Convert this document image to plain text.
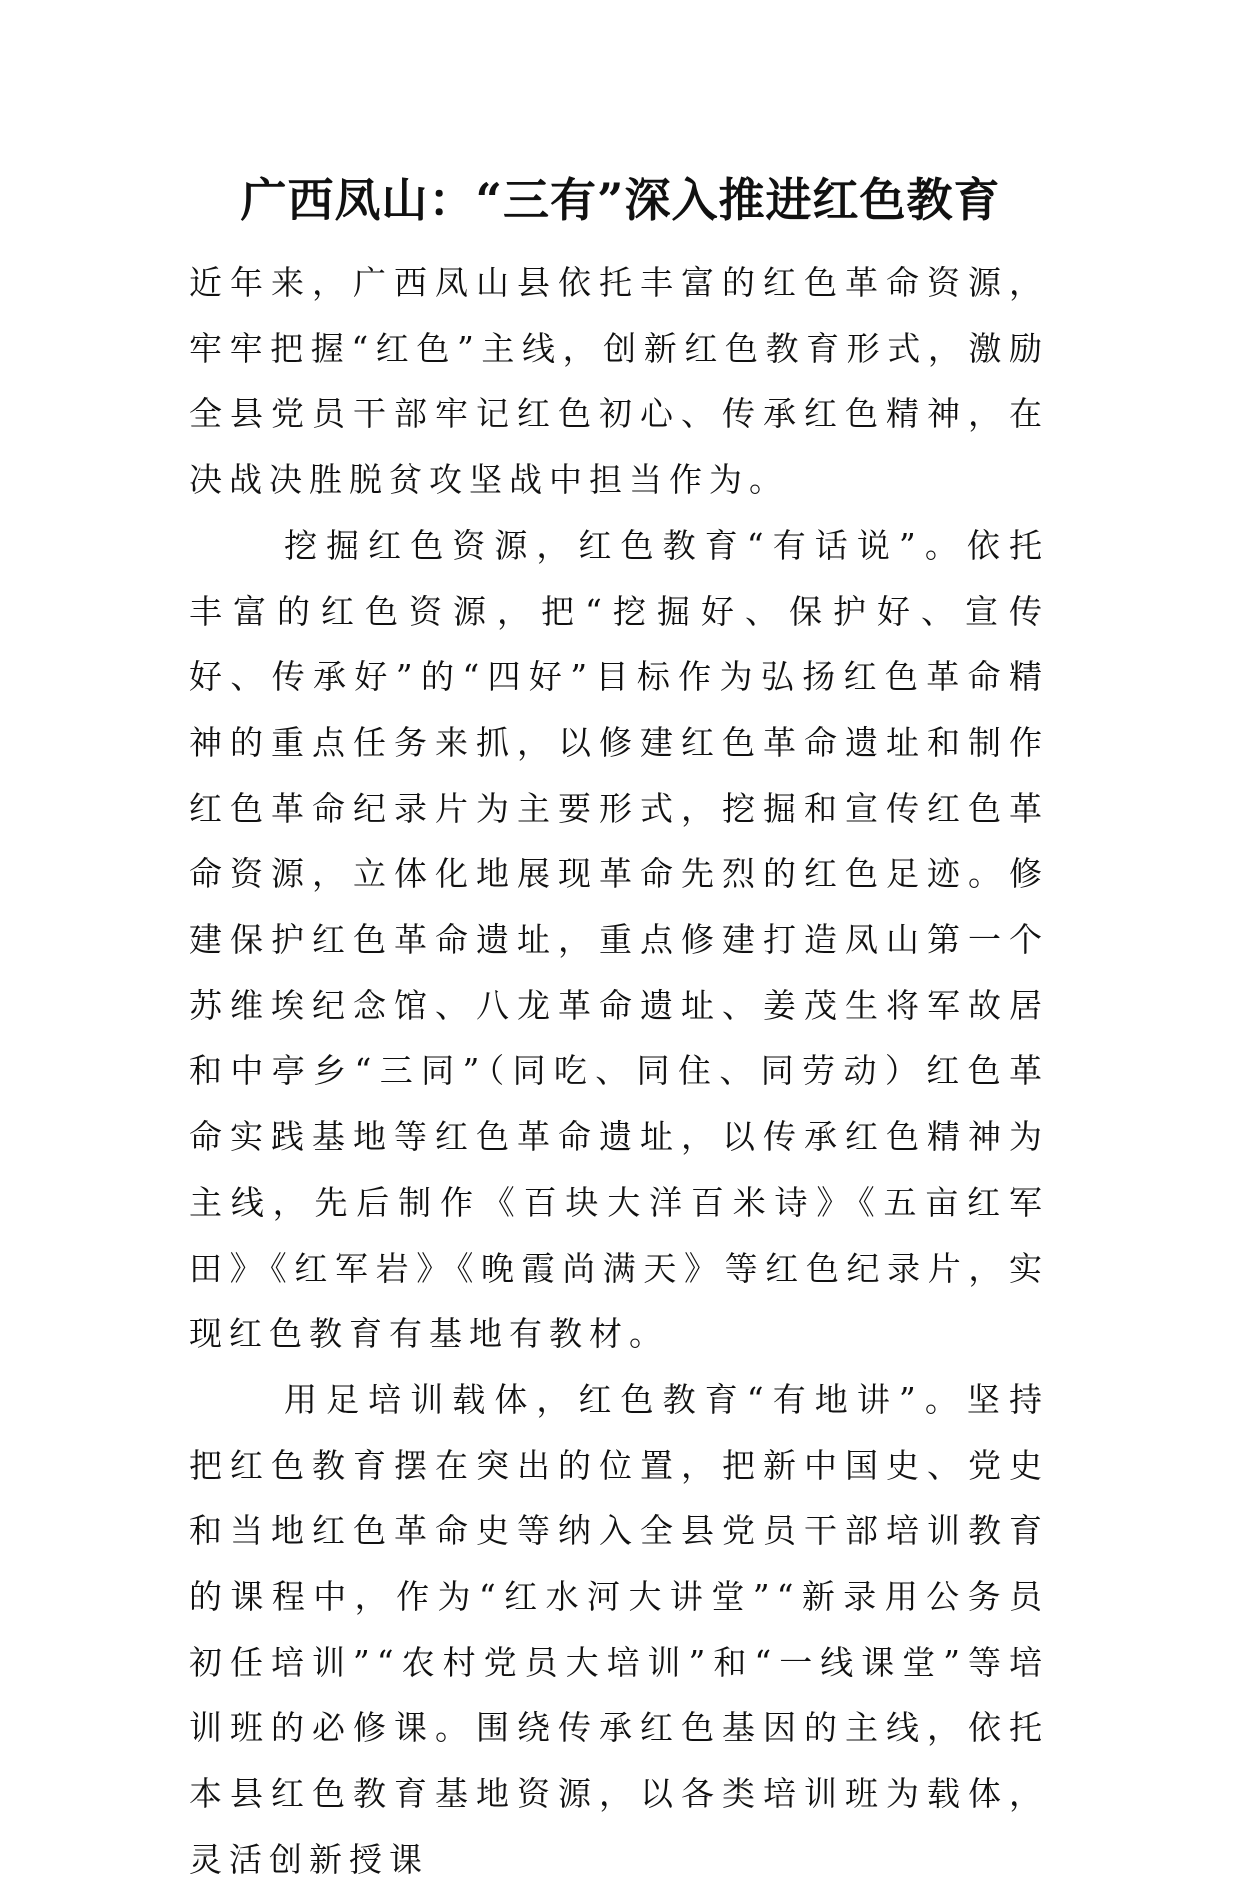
广西凤山：“三有”深入推进红色教育

近年来，广西凤山县依托丰富的红色革命资源，牢牢把握“红色”主线，创新红色教育形式，激励全县党员干部牢记红色初心、传承红色精神，在决战决胜脱贫攻坚战中担当作为。

挖掘红色资源，红色教育“有话说”。依托丰富的红色资源，把“挖掘好、保护好、宣传好、传承好”的“四好”目标作为弘扬红色革命精神的重点任务来抓，以修建红色革命遗址和制作红色革命纪录片为主要形式，挖掘和宣传红色革命资源，立体化地展现革命先烈的红色足迹。修建保护红色革命遗址，重点修建打造凤山第一个苏维埃纪念馆、八龙革命遗址、姜茂生将军故居和中亭乡“三同”（同吃、同住、同劳动）红色革命实践基地等红色革命遗址，以传承红色精神为主线，先后制作《百块大洋百米诗》《五亩红军田》《红军岩》《晚霞尚满天》等红色纪录片，实现红色教育有基地有教材。

用足培训载体，红色教育“有地讲”。坚持把红色教育摆在突出的位置，把新中国史、党史和当地红色革命史等纳入全县党员干部培训教育的课程中，作为“红水河大讲堂”“新录用公务员初任培训”“农村党员大培训”和“一线课堂”等培训班的必修课。围绕传承红色基因的主线，依托本县红色教育基地资源，以各类培训班为载体，灵活创新授课
